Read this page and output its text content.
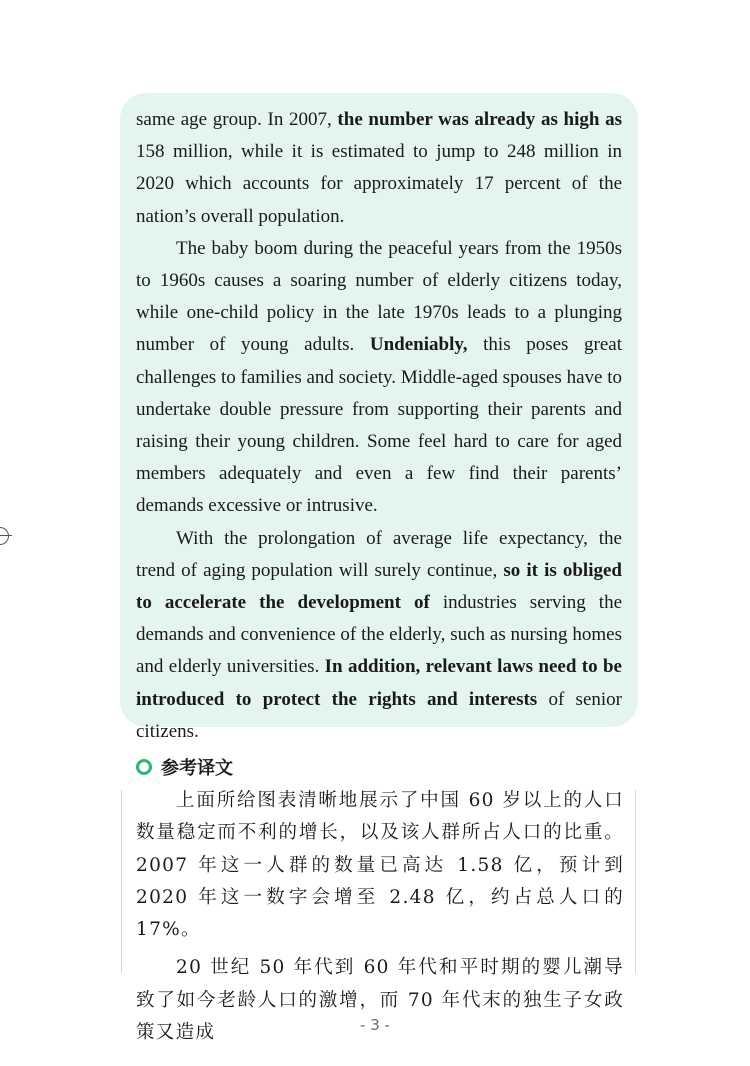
same age group. In 2007, the number was already as high as 158 million, while it is estimated to jump to 248 million in 2020 which accounts for approximately 17 percent of the nation’s overall population.

The baby boom during the peaceful years from the 1950s to 1960s causes a soaring number of elderly citizens today, while one-child policy in the late 1970s leads to a plunging number of young adults. Undeniably, this poses great challenges to families and society. Middle-aged spouses have to undertake double pressure from supporting their parents and raising their young children. Some feel hard to care for aged members adequately and even a few find their parents’ demands excessive or intrusive.

With the prolongation of average life expectancy, the trend of aging population will surely continue, so it is obliged to accelerate the development of industries serving the demands and convenience of the elderly, such as nursing homes and elderly universities. In addition, relevant laws need to be introduced to protect the rights and interests of senior citizens.

参考译文

上面所给图表清晰地展示了中国 60 岁以上的人口数量稳定而不利的增长，以及该人群所占人口的比重。2007 年这一人群的数量已高达 1.58 亿，预计到 2020 年这一数字会增至 2.48 亿，约占总人口的 17%。

20 世纪 50 年代到 60 年代和平时期的婴儿潮导致了如今老龄人口的激增，而 70 年代末的独生子女政策又造成	- 3 -
